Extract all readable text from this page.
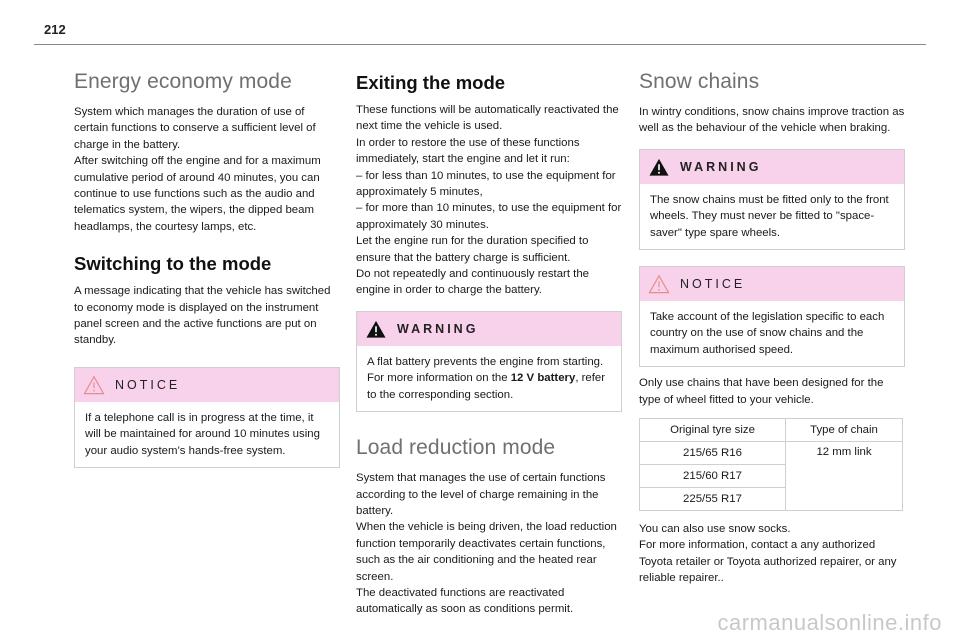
212
Energy economy mode

System which manages the duration of use of certain functions to conserve a sufficient level of charge in the battery.

After switching off the engine and for a maximum cumulative period of around 40 minutes, you can continue to use functions such as the audio and telematics system, the wipers, the dipped beam headlamps, the courtesy lamps, etc.

Switching to the mode

A message indicating that the vehicle has switched to economy mode is displayed on the instrument panel screen and the active functions are put on standby.

NOTICE

If a telephone call is in progress at the time, it will be maintained for around 10 minutes using your audio system’s hands-free system.

Exiting the mode

These functions will be automatically reactivated the next time the vehicle is used.

In order to restore the use of these functions immediately, start the engine and let it run:

– for less than 10 minutes, to use the equipment for approximately 5 minutes,

– for more than 10 minutes, to use the equipment for approximately 30 minutes.

Let the engine run for the duration specified to ensure that the battery charge is sufficient.

Do not repeatedly and continuously restart the engine in order to charge the battery.

WARNING

A flat battery prevents the engine from starting.

For more information on the 12 V battery, refer to the corresponding section.

Load reduction mode

System that manages the use of certain functions according to the level of charge remaining in the battery.

When the vehicle is being driven, the load reduction function temporarily deactivates certain functions, such as the air conditioning and the heated rear screen.

The deactivated functions are reactivated automatically as soon as conditions permit.

Snow chains

In wintry conditions, snow chains improve traction as well as the behaviour of the vehicle when braking.

WARNING

The snow chains must be fitted only to the front wheels. They must never be fitted to "space-saver" type spare wheels.

NOTICE

Take account of the legislation specific to each country on the use of snow chains and the maximum authorised speed.

Only use chains that have been designed for the type of wheel fitted to your vehicle.

Original tyre size	Type of chain
215/65 R16	12 mm link
215/60 R17	
225/55 R17	

You can also use snow socks.

For more information, contact a any authorized Toyota retailer or Toyota authorized repairer, or any reliable repairer..

carmanualsonline.info
